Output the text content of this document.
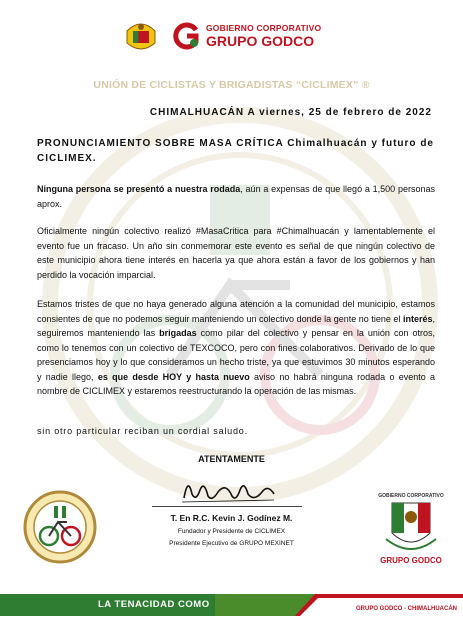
GOBIERNO CORPORATIVO
GRUPO GODCO
UNIÓN DE CICLISTAS Y BRIGADISTAS “CICLIMEX” ®
CHIMALHUACÁN A viernes, 25 de febrero de 2022
PRONUNCIAMIENTO SOBRE MASA CRÍTICA Chimalhuacán y futuro de CICLIMEX.
Ninguna persona se presentó a nuestra rodada, aún a expensas de que llegó a 1,500 personas aprox.
Oficialmente ningún colectivo realizó #MasaCritica para #Chimalhuacán y lamentablemente el evento fue un fracaso. Un año sin conmemorar este evento es señal de que ningún colectivo de este municipio ahora tiene interés en hacerla ya que ahora están a favor de los gobiernos y han perdido la vocación imparcial.
Estamos tristes de que no haya generado alguna atención a la comunidad del municipio, estamos consientes de que no podemos seguir manteniendo un colectivo donde la gente no tiene el interés, seguiremos manteniendo las brigadas como pilar del colectivo y pensar en la unión con otros, como lo tenemos con un colectivo de TEXCOCO, pero con fines colaborativos. Derivado de lo que presenciamos hoy y lo que consideramos un hecho triste, ya que estuvimos 30 minutos esperando y nadie llego, es que desde HOY y hasta nuevo aviso no habrá ninguna rodada o evento a nombre de CICLIMEX y estaremos reestructurando la operación de las mismas.
sin otro particular reciban un cordial saludo.
ATENTAMENTE
T. En R.C. Kevin J. Godínez M.
Fundador y Presidente de CICLIMEX
Presidente Ejecutivo de GRUPO MEXINET
GOBIERNO CORPORATIVO
GRUPO GODCO
LA TENACIDAD COMO VIRTUD
GRUPO GODCO - CHIMALHUACÁN
